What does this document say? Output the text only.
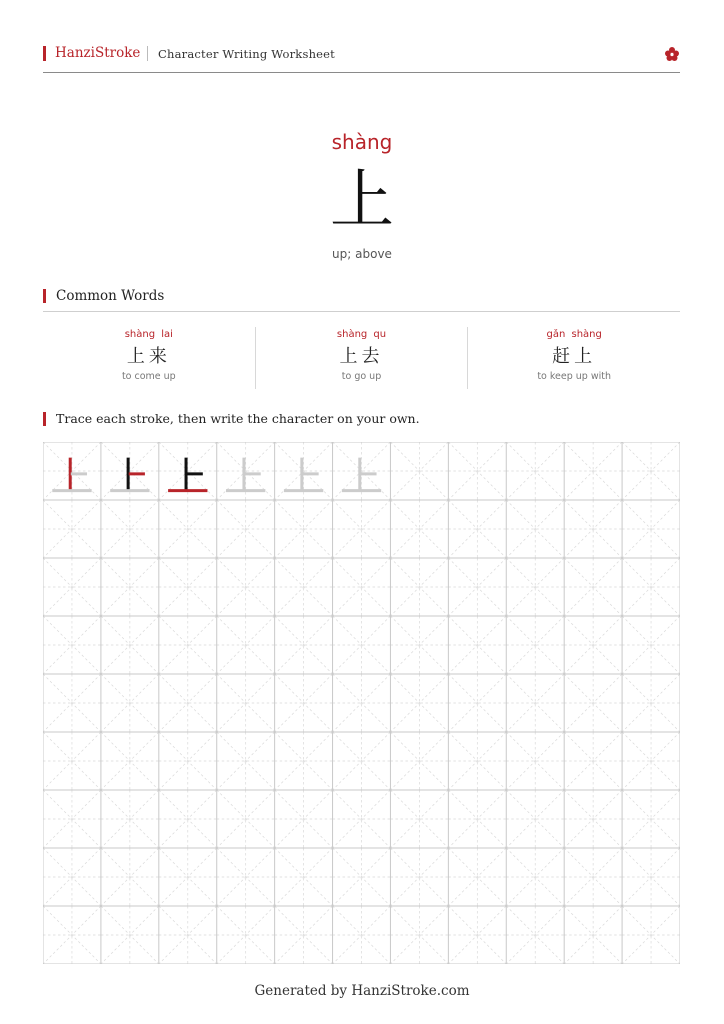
HanziStroke Character Writing Worksheet
shàng
上
up; above
Common Words
shàng lai
上来
to come up
shàng qu
上去
to go up
gǎn shàng
赶上
to keep up with
Trace each stroke, then write the character on your own.
Generated by HanziStroke.com
